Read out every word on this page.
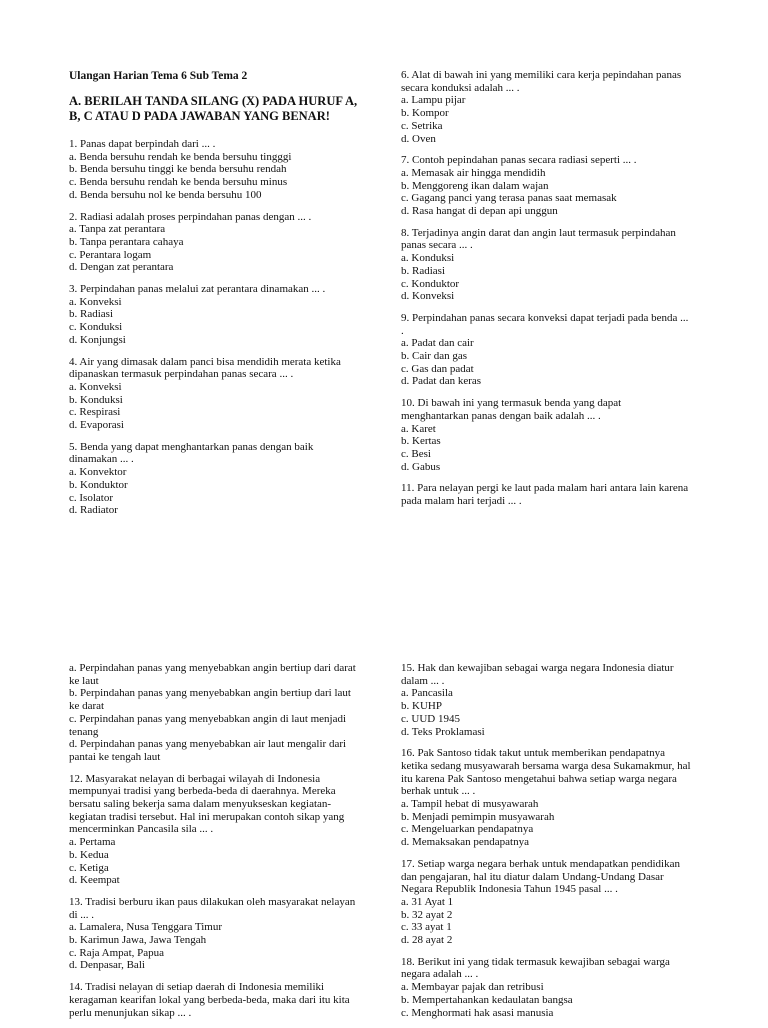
Ulangan Harian Tema 6 Sub Tema 2
A. BERILAH TANDA SILANG (X) PADA HURUF A, B, C ATAU D PADA JAWABAN YANG BENAR!
1. Panas dapat berpindah dari ... .
a. Benda bersuhu rendah ke benda bersuhu tingggi
b. Benda bersuhu tinggi ke benda bersuhu rendah
c. Benda bersuhu rendah ke benda bersuhu minus
d. Benda bersuhu nol ke benda bersuhu 100
2. Radiasi adalah proses perpindahan panas dengan ... .
a. Tanpa zat perantara
b. Tanpa perantara cahaya
c. Perantara logam
d. Dengan zat perantara
3. Perpindahan panas melalui zat perantara dinamakan ... .
a. Konveksi
b. Radiasi
c. Konduksi
d. Konjungsi
4. Air yang dimasak dalam panci bisa mendidih merata ketika dipanaskan termasuk perpindahan panas secara ... .
a. Konveksi
b. Konduksi
c. Respirasi
d. Evaporasi
5. Benda yang dapat menghantarkan panas dengan baik dinamakan ... .
a. Konvektor
b. Konduktor
c. Isolator
d. Radiator
6. Alat di bawah ini yang memiliki cara kerja pepindahan panas secara konduksi adalah ... .
a. Lampu pijar
b. Kompor
c. Setrika
d. Oven
7. Contoh pepindahan panas secara radiasi seperti ... .
a. Memasak air hingga mendidih
b. Menggoreng ikan dalam wajan
c. Gagang panci yang terasa panas saat memasak
d. Rasa hangat di depan api unggun
8. Terjadinya angin darat dan angin laut termasuk perpindahan panas secara ... .
a. Konduksi
b. Radiasi
c. Konduktor
d. Konveksi
9. Perpindahan panas secara konveksi dapat terjadi pada benda ... .
a. Padat dan cair
b. Cair dan gas
c. Gas dan padat
d. Padat dan keras
10. Di bawah ini yang termasuk benda yang dapat menghantarkan panas dengan baik adalah ... .
a. Karet
b. Kertas
c. Besi
d. Gabus
11. Para nelayan pergi ke laut pada malam hari antara lain karena pada malam hari terjadi ... .
a. Perpindahan panas yang menyebabkan angin bertiup dari darat ke laut
b. Perpindahan panas yang menyebabkan angin bertiup dari laut ke darat
c. Perpindahan panas yang menyebabkan angin di laut menjadi tenang
d. Perpindahan panas yang menyebabkan air laut mengalir dari pantai ke tengah laut
12. Masyarakat nelayan di berbagai wilayah di Indonesia mempunyai tradisi yang berbeda-beda di daerahnya. Mereka bersatu saling bekerja sama dalam menyukseskan kegiatan-kegiatan tradisi tersebut. Hal ini merupakan contoh sikap yang mencerminkan Pancasila sila ... .
a. Pertama
b. Kedua
c. Ketiga
d. Keempat
13. Tradisi berburu ikan paus dilakukan oleh masyarakat nelayan di ... .
a. Lamalera, Nusa Tenggara Timur
b. Karimun Jawa, Jawa Tengah
c. Raja Ampat, Papua
d. Denpasar, Bali
14. Tradisi nelayan di setiap daerah di Indonesia memiliki keragaman kearifan lokal yang berbeda-beda, maka dari itu kita perlu menunjukan sikap ... .
15. Hak dan kewajiban sebagai warga negara Indonesia diatur dalam ... .
a. Pancasila
b. KUHP
c. UUD 1945
d. Teks Proklamasi
16. Pak Santoso tidak takut untuk memberikan pendapatnya ketika sedang musyawarah bersama warga desa Sukamakmur, hal itu karena Pak Santoso mengetahui bahwa setiap warga negara berhak untuk ... .
a. Tampil hebat di musyawarah
b. Menjadi pemimpin musyawarah
c. Mengeluarkan pendapatnya
d. Memaksakan pendapatnya
17. Setiap warga negara berhak untuk mendapatkan pendidikan dan pengajaran, hal itu diatur dalam Undang-Undang Dasar Negara Republik Indonesia Tahun 1945 pasal ... .
a. 31 Ayat 1
b. 32 ayat 2
c. 33 ayat 1
d. 28 ayat 2
18. Berikut ini yang tidak termasuk kewajiban sebagai warga negara adalah ... .
a. Membayar pajak dan retribusi
b. Mempertahankan kedaulatan bangsa
c. Menghormati hak asasi manusia
